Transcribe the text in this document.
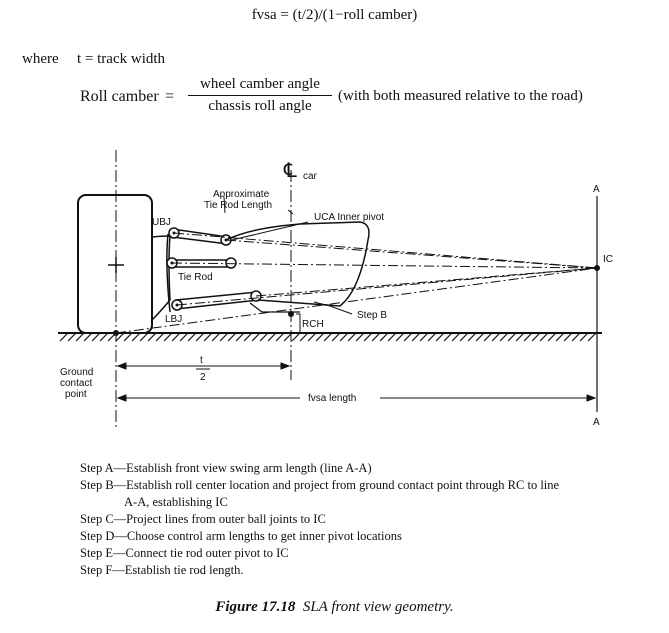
fvsa = (t/2)/(1−roll camber)
where t = track width
Roll camber =
wheel camber angle
chassis roll angle
(with both measured relative to the road)
℄ car
Approximate
Tie Rod Length
UBJ	UCA Inner pivot
Tie Rod
LBJ	Step B
RCH
IC
A
A
Ground
contact
point
t
2
fvsa length
Step A—Establish front view swing arm length (line A-A)
Step B—Establish roll center location and project from ground contact point through RC to line
A-A, establishing IC
Step C—Project lines from outer ball joints to IC
Step D—Choose control arm lengths to get inner pivot locations
Step E—Connect tie rod outer pivot to IC
Step F—Establish tie rod length.
Figure 17.18 SLA front view geometry.
